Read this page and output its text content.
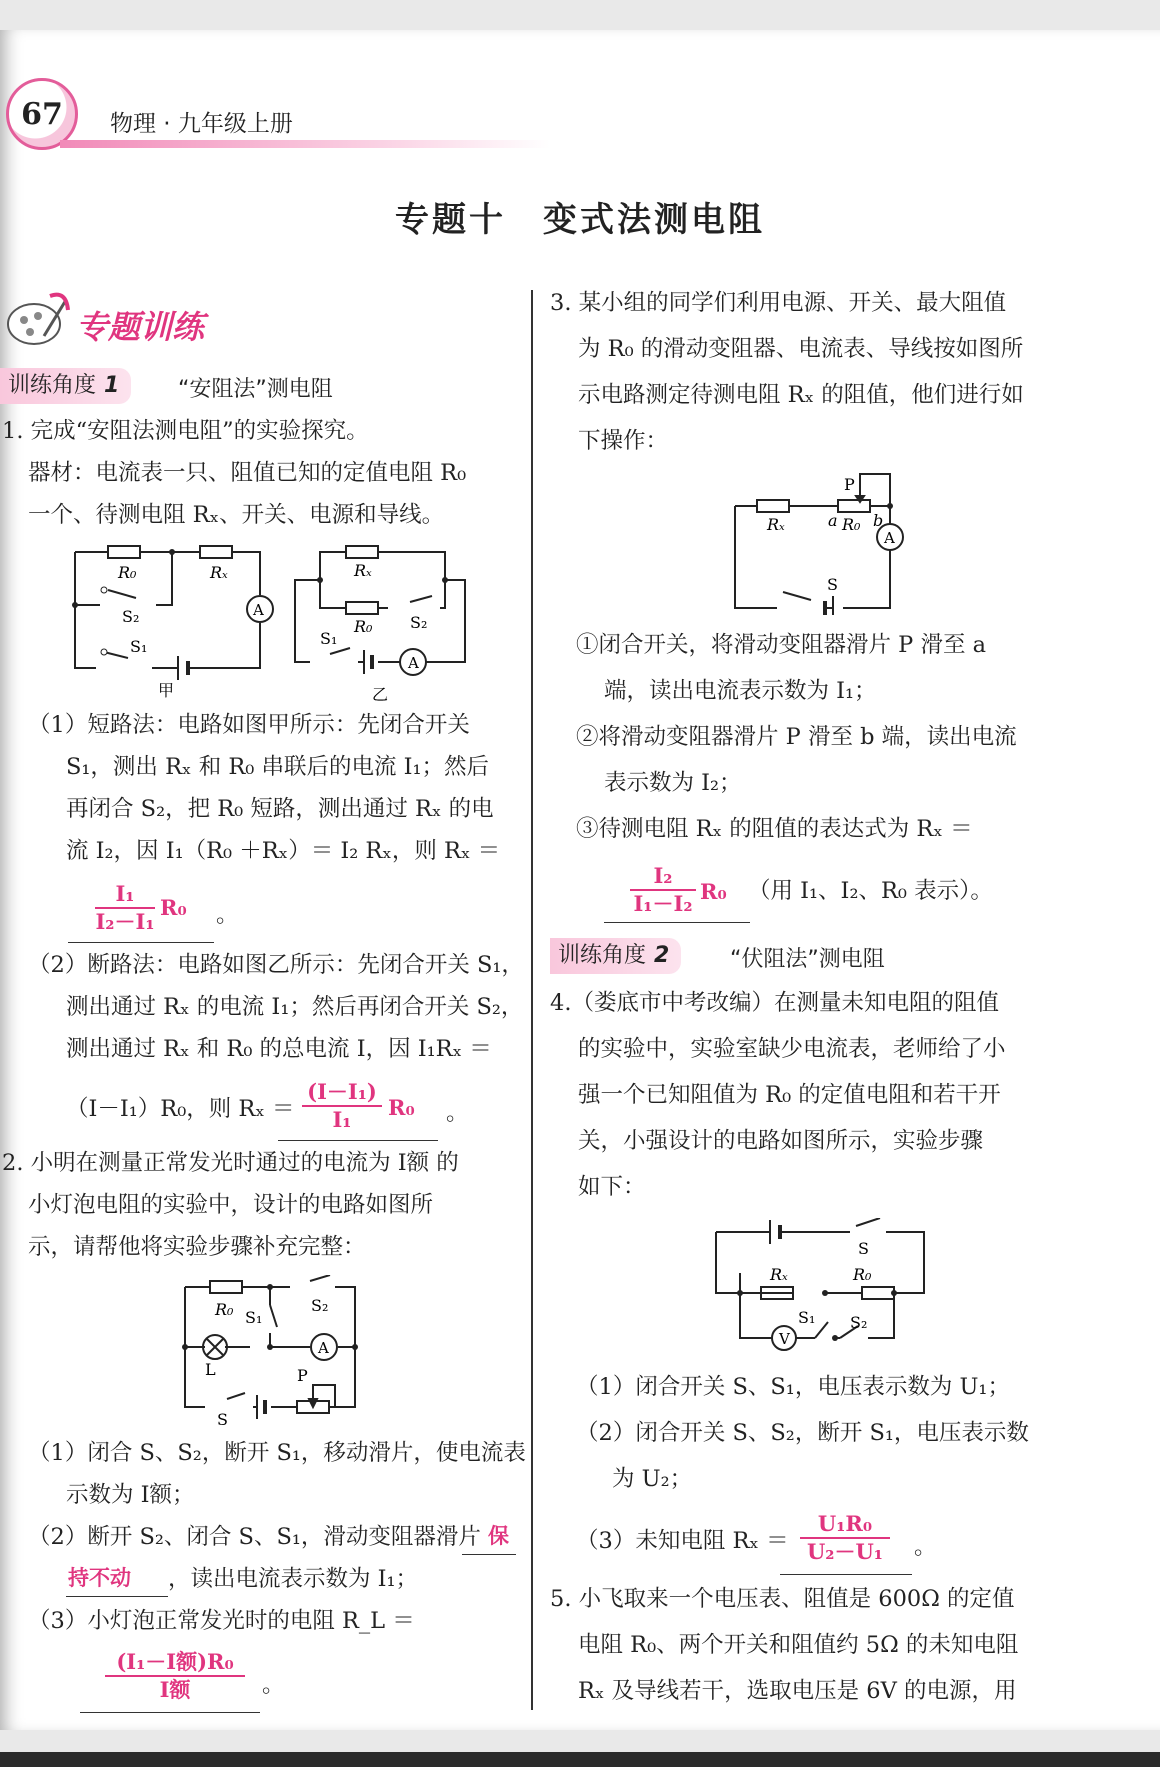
67 物理 · 九年级上册
专题十　变式法测电阻
专题训练
训练角度 1	“安阻法”测电阻
1. 完成“安阻法测电阻”的实验探究。
器材：电流表一只、阻值已知的定值电阻 R₀
一个、待测电阻 Rₓ、开关、电源和导线。
R₀	Rₓ
A
S₂
S₁
甲
Rₓ
R₀
A
S₂
S₁
乙
（1）短路法：电路如图甲所示：先闭合开关
S₁，测出 Rₓ 和 R₀ 串联后的电流 I₁；然后
再闭合 S₂，把 R₀ 短路，测出通过 Rₓ 的电
流 I₂，因 I₁（R₀ ＋Rₓ）＝ I₂ Rₓ，则 Rₓ ＝
I₁
I₂－I₁
R₀ 。
（2）断路法：电路如图乙所示：先闭合开关 S₁，
测出通过 Rₓ 的电流 I₁；然后再闭合开关 S₂，
测出通过 Rₓ 和 R₀ 的总电流 I，因 I₁Rₓ ＝
（I－I₁）R₀，则 Rₓ ＝
(I－I₁)
I₁	R₀ 。
2. 小明在测量正常发光时通过的电流为 I额 的
小灯泡电阻的实验中，设计的电路如图所
示，请帮他将实验步骤补充完整：
R₀ S₁
S₂
A
L	P
S
（1）闭合 S、S₂，断开 S₁，移动滑片，使电流表
示数为 I额；
（2）断开 S₂、闭合 S、S₁，滑动变阻器滑片 保
持不动 ，读出电流表示数为 I₁；
（3）小灯泡正常发光时的电阻 R_L ＝
(I₁－I额)R₀
I额	。
3. 某小组的同学们利用电源、开关、最大阻值
为 R₀ 的滑动变阻器、电流表、导线按如图所
示电路测定待测电阻 Rₓ 的阻值，他们进行如
下操作：
Rₓ	a R₀ b
P
A
S
①闭合开关，将滑动变阻器滑片 P 滑至 a
端，读出电流表示数为 I₁；
②将滑动变阻器滑片 P 滑至 b 端，读出电流
表示数为 I₂；
③待测电阻 Rₓ 的阻值的表达式为 Rₓ ＝
I₂
I₁－I₂ R₀ （用 I₁、I₂、R₀ 表示）。
训练角度 2	“伏阻法”测电阻
4.（娄底市中考改编）在测量未知电阻的阻值
的实验中，实验室缺少电流表，老师给了小
强一个已知阻值为 R₀ 的定值电阻和若干开
关，小强设计的电路如图所示，实验步骤
如下：
S
Rₓ	R₀
S₁ S₂
V
（1）闭合开关 S、S₁，电压表示数为 U₁；
（2）闭合开关 S、S₂，断开 S₁，电压表示数
为 U₂；
（3）未知电阻 Rₓ ＝
U₁R₀
U₂－U₁	。
5. 小飞取来一个电压表、阻值是 600Ω 的定值
电阻 R₀、两个开关和阻值约 5Ω 的未知电阻
Rₓ 及导线若干，选取电压是 6V 的电源，用
